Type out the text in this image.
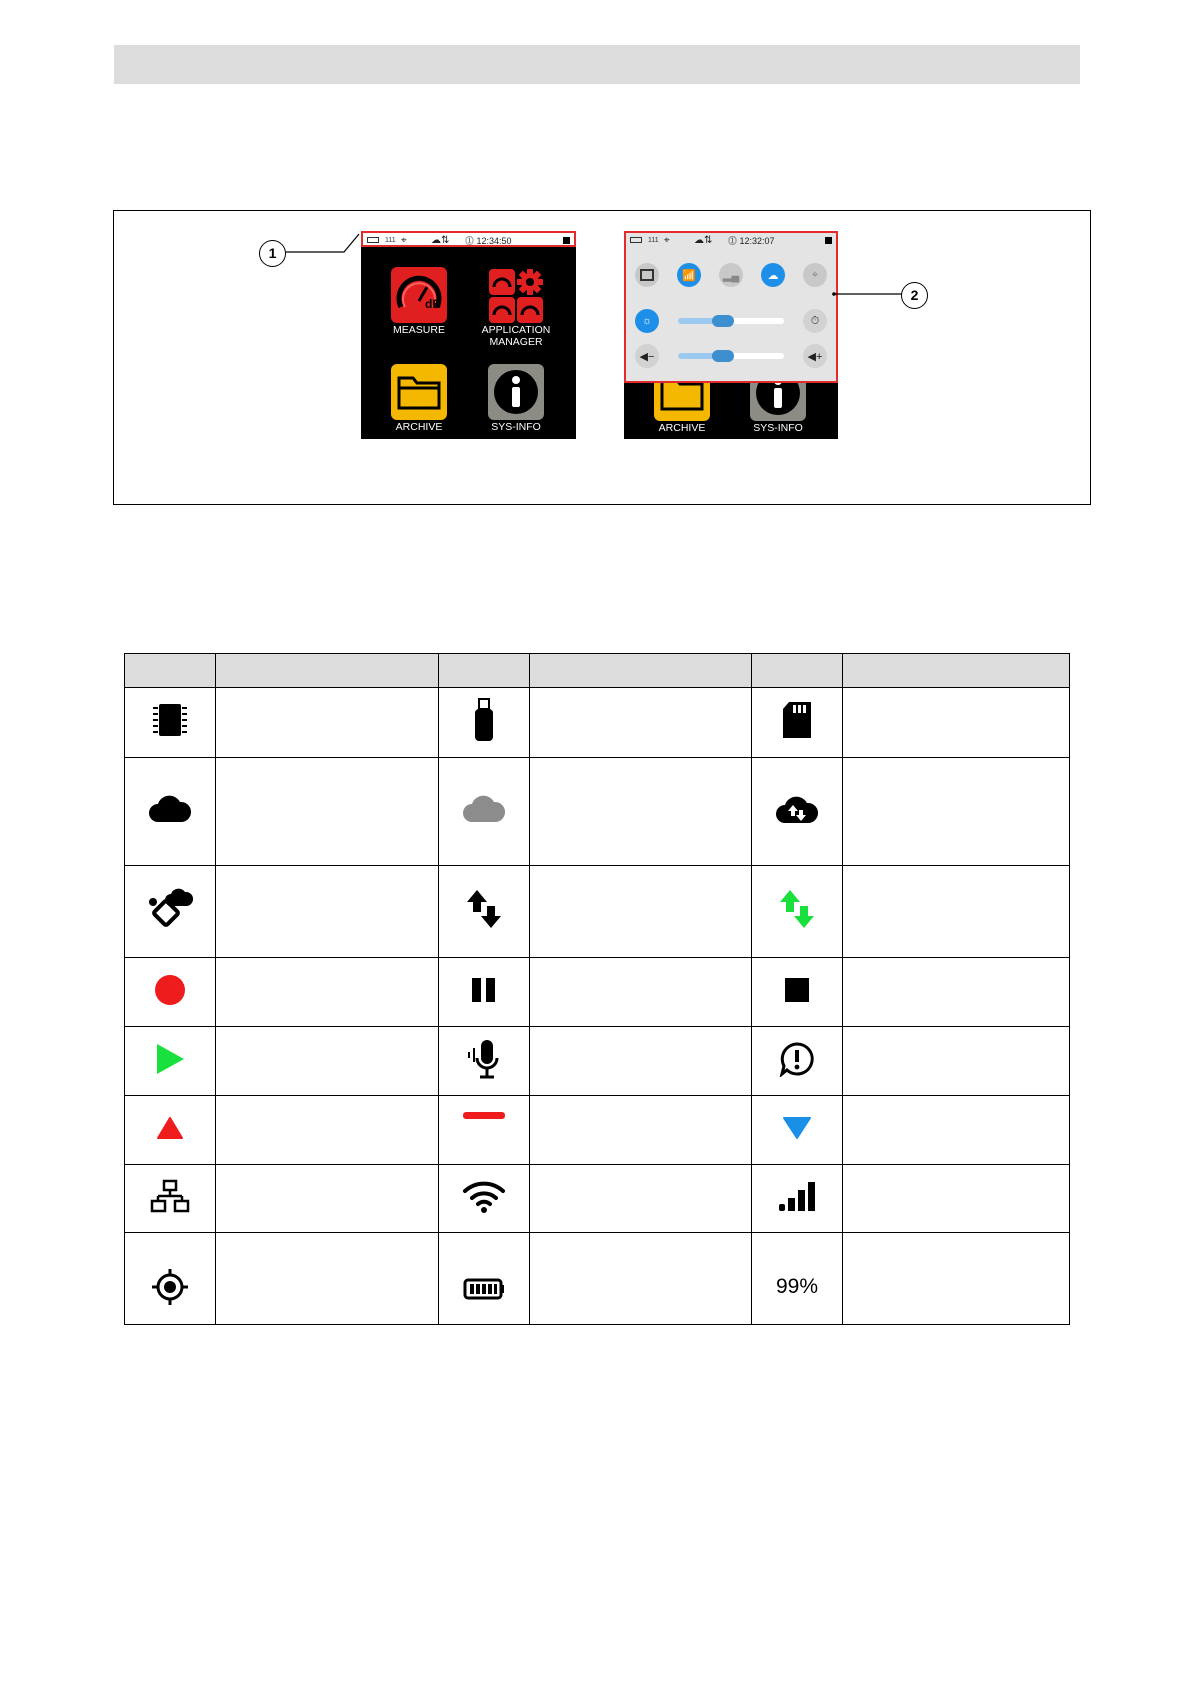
111 ⌖ ☁⇅ ⓵ 12:34:50
dB
MEASURE	APPLICATION
MANAGER
ARCHIVE	SYS-INFO	ARCHIVE	SYS-INFO
111 ⌖ ☁⇅ ⓵ 12:32:07
📶 ▂▄	☁	⌖
☼	⏱
◀−	◀+
1
2

				99%	
